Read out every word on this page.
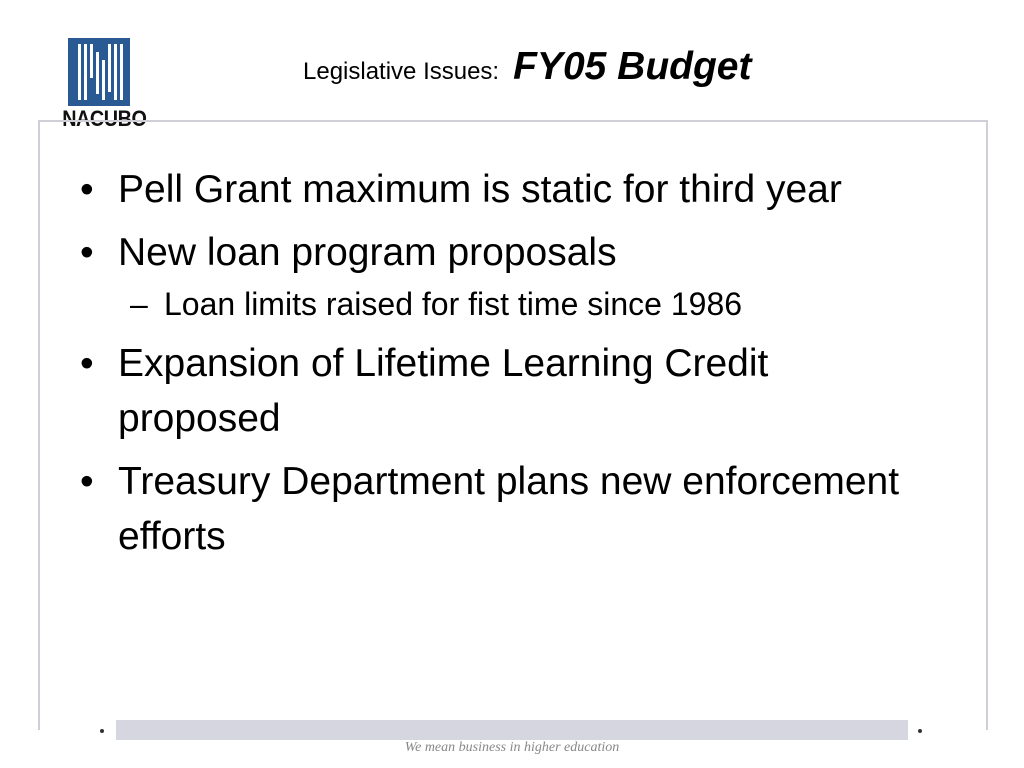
NACUBO
Legislative Issues: FY05 Budget
• Pell Grant maximum is static for third year
• New loan program proposals
– Loan limits raised for fist time since 1986
• Expansion of Lifetime Learning Credit proposed
• Treasury Department plans new enforcement efforts
We mean business in higher education
